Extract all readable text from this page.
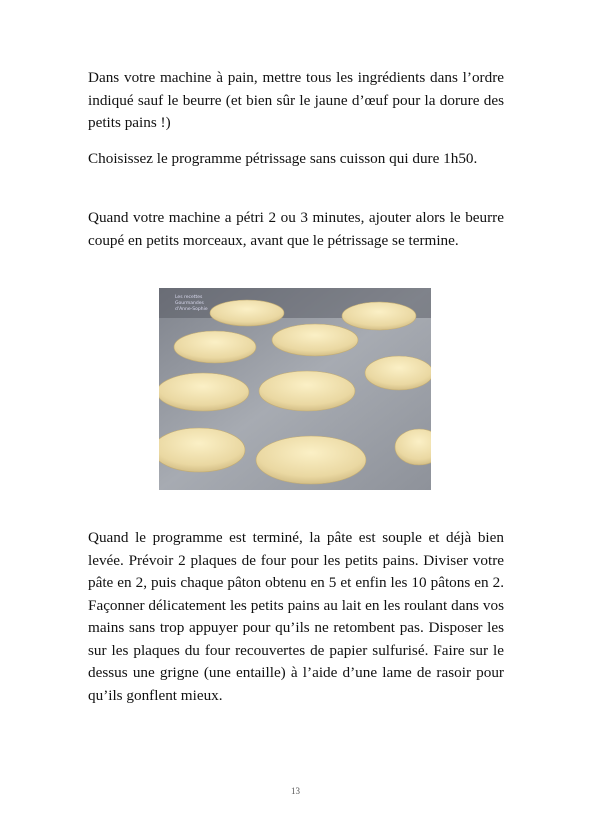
Dans votre machine à pain, mettre tous les ingrédients dans l’ordre indiqué sauf le beurre (et bien sûr le jaune d’œuf pour la dorure des petits pains !)

Choisissez le programme pétrissage sans cuisson qui dure 1h50.

Quand votre machine a pétri 2 ou 3 minutes, ajouter alors le beurre coupé en petits morceaux, avant que le pétrissage se termine.

Les recettes
Gourmandes
d'Anne-Sophie

Quand le programme est terminé, la pâte est souple et déjà bien levée. Prévoir 2 plaques de four pour les petits pains. Diviser votre pâte en 2, puis chaque pâton obtenu en 5 et enfin les 10 pâtons en 2. Façonner délicatement les petits pains au lait en les roulant dans vos mains sans trop appuyer pour qu’ils ne retombent pas. Disposer les sur les plaques du four recouvertes de papier sulfurisé. Faire sur le dessus une grigne (une entaille) à l’aide d’une lame de rasoir pour qu’ils gonflent mieux.

13
